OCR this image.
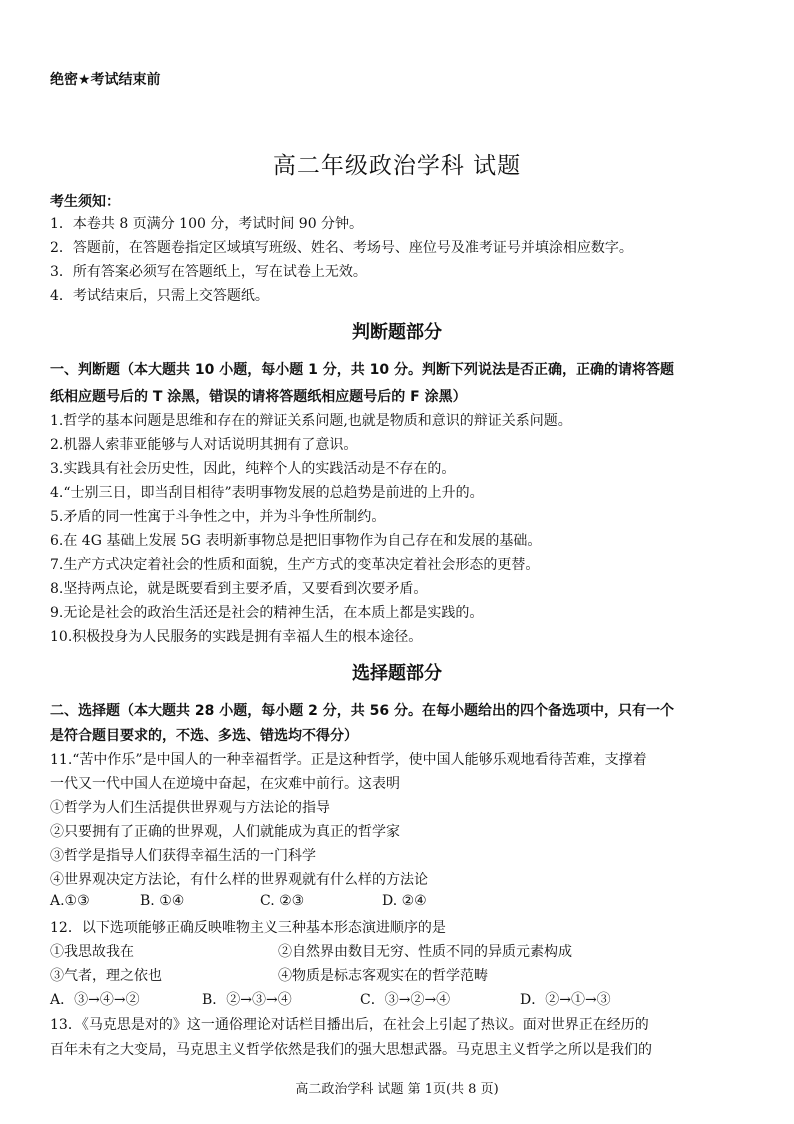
绝密★考试结束前
高二年级政治学科 试题
考生须知：
1．本卷共 8 页满分 100 分，考试时间 90 分钟。
2．答题前，在答题卷指定区域填写班级、姓名、考场号、座位号及准考证号并填涂相应数字。
3．所有答案必须写在答题纸上，写在试卷上无效。
4．考试结束后，只需上交答题纸。
判断题部分
一、判断题（本大题共 10 小题，每小题 1 分，共 10 分。判断下列说法是否正确，正确的请将答题
纸相应题号后的 T 涂黑，错误的请将答题纸相应题号后的 F 涂黑）
1.哲学的基本问题是思维和存在的辩证关系问题,也就是物质和意识的辩证关系问题。
2.机器人索菲亚能够与人对话说明其拥有了意识。
3.实践具有社会历史性，因此，纯粹个人的实践活动是不存在的。
4.“士别三日，即当刮目相待”表明事物发展的总趋势是前进的上升的。
5.矛盾的同一性寓于斗争性之中，并为斗争性所制约。
6.在 4G 基础上发展 5G 表明新事物总是把旧事物作为自己存在和发展的基础。
7.生产方式决定着社会的性质和面貌，生产方式的变革决定着社会形态的更替。
8.坚持两点论，就是既要看到主要矛盾，又要看到次要矛盾。
9.无论是社会的政治生活还是社会的精神生活，在本质上都是实践的。
10.积极投身为人民服务的实践是拥有幸福人生的根本途径。
选择题部分
二、选择题（本大题共 28 小题，每小题 2 分，共 56 分。在每小题给出的四个备选项中，只有一个
是符合题目要求的，不选、多选、错选均不得分）
11.“苦中作乐”是中国人的一种幸福哲学。正是这种哲学，使中国人能够乐观地看待苦难，支撑着
一代又一代中国人在逆境中奋起，在灾难中前行。这表明
①哲学为人们生活提供世界观与方法论的指导
②只要拥有了正确的世界观，人们就能成为真正的哲学家
③哲学是指导人们获得幸福生活的一门科学
④世界观决定方法论，有什么样的世界观就有什么样的方法论
A.①③	B. ①④	C. ②③	D. ②④
12．以下选项能够正确反映唯物主义三种基本形态演进顺序的是
①我思故我在	②自然界由数目无穷、性质不同的异质元素构成
③气者，理之依也	④物质是标志客观实在的哲学范畴
A．③→④→②	B．②→③→④	C．③→②→④	D．②→①→③
13．《马克思是对的》这一通俗理论对话栏目播出后，在社会上引起了热议。面对世界正在经历的
百年未有之大变局，马克思主义哲学依然是我们的强大思想武器。马克思主义哲学之所以是我们的
高二政治学科 试题 第 1页(共 8 页)
